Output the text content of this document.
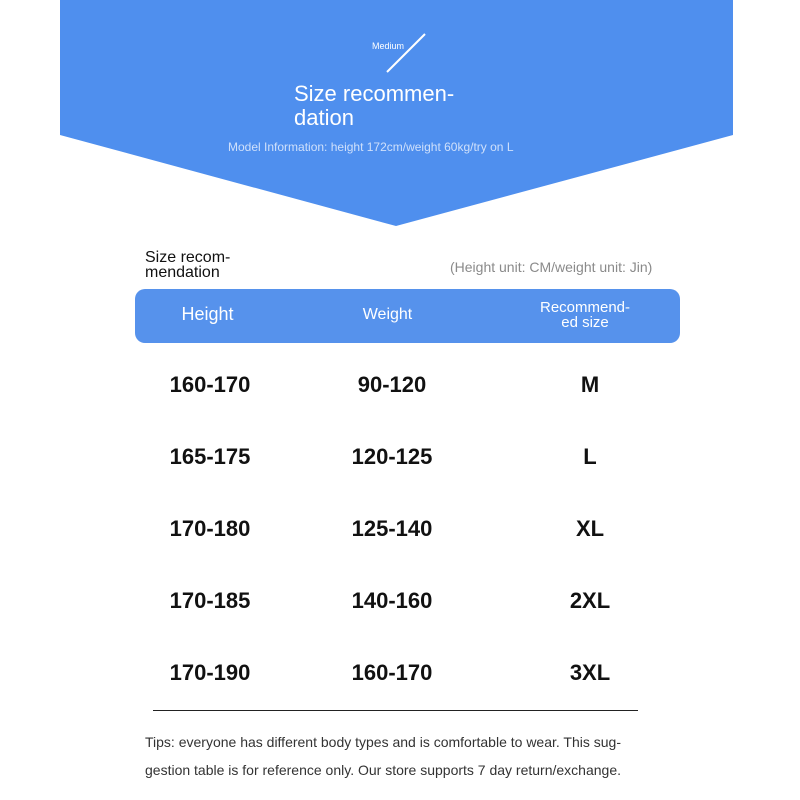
Medium
Size recommen-
dation
Model Information: height 172cm/weight 60kg/try on L
Size recom-
mendation	(Height unit: CM/weight unit: Jin)
Height	Weight	Recommend-
ed size
160-170	90-120	M
165-175	120-125	L
170-180	125-140	XL
170-185	140-160	2XL
170-190	160-170	3XL
Tips: everyone has different body types and is comfortable to wear. This sug-
gestion table is for reference only. Our store supports 7 day return/exchange.
